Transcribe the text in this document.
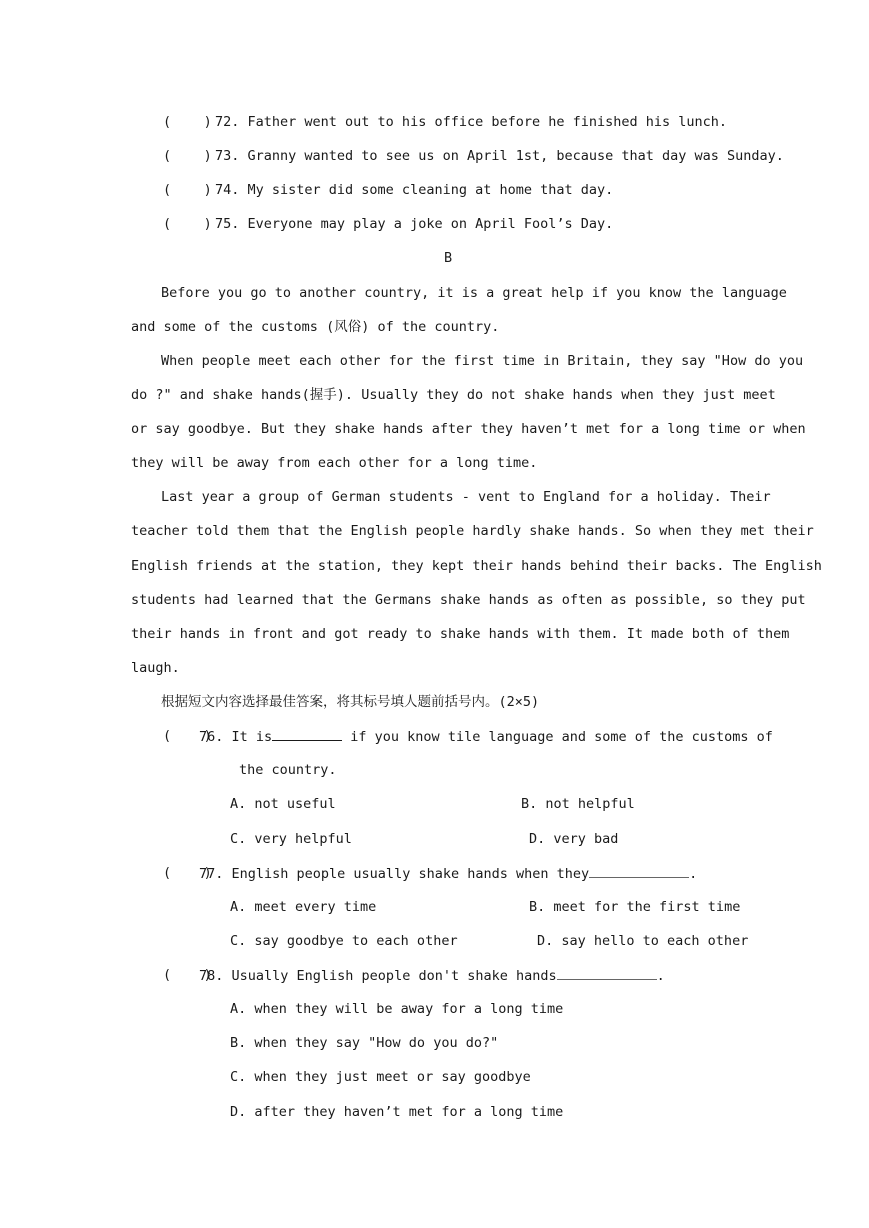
(    ) 72. Father went out to his office before he finished his lunch.
(    ) 73. Granny wanted to see us on April 1st, because that day was Sunday.
(    ) 74. My sister did some cleaning at home that day.
(    ) 75. Everyone may play a joke on April Fool’s Day.
B
Before you go to another country, it is a great help if you know the language
and some of the customs (风俗) of the country.
When people meet each other for the first time in Britain, they say "How do you
do ?" and shake hands(握手). Usually they do not shake hands when they just meet
or say goodbye. But they shake hands after they haven’t met for a long time or when
they will be away from each other for a long time.
Last year a group of German students - vent to England for a holiday. Their
teacher told them that the English people hardly shake hands. So when they met their
English friends at the station, they kept their hands behind their backs. The English
students had learned that the Germans shake hands as often as possible, so they put
their hands in front and got ready to shake hands with them. It made both of them
laugh.
根据短文内容选择最佳答案，将其标号填人题前括号内。(2×5)
(    )
76. It is	if you know tile language and some of the customs of
the country.
A. not useful	B. not helpful
C. very helpful	D. very bad
(    )
77. English people usually shake hands when they	.
A. meet every time	B. meet for the first time
C. say goodbye to each other	D. say hello to each other
(    )
78. Usually English people don't shake hands	.
A. when they will be away for a long time
B. when they say "How do you do?"
C. when they just meet or say goodbye
D. after they haven’t met for a long time
